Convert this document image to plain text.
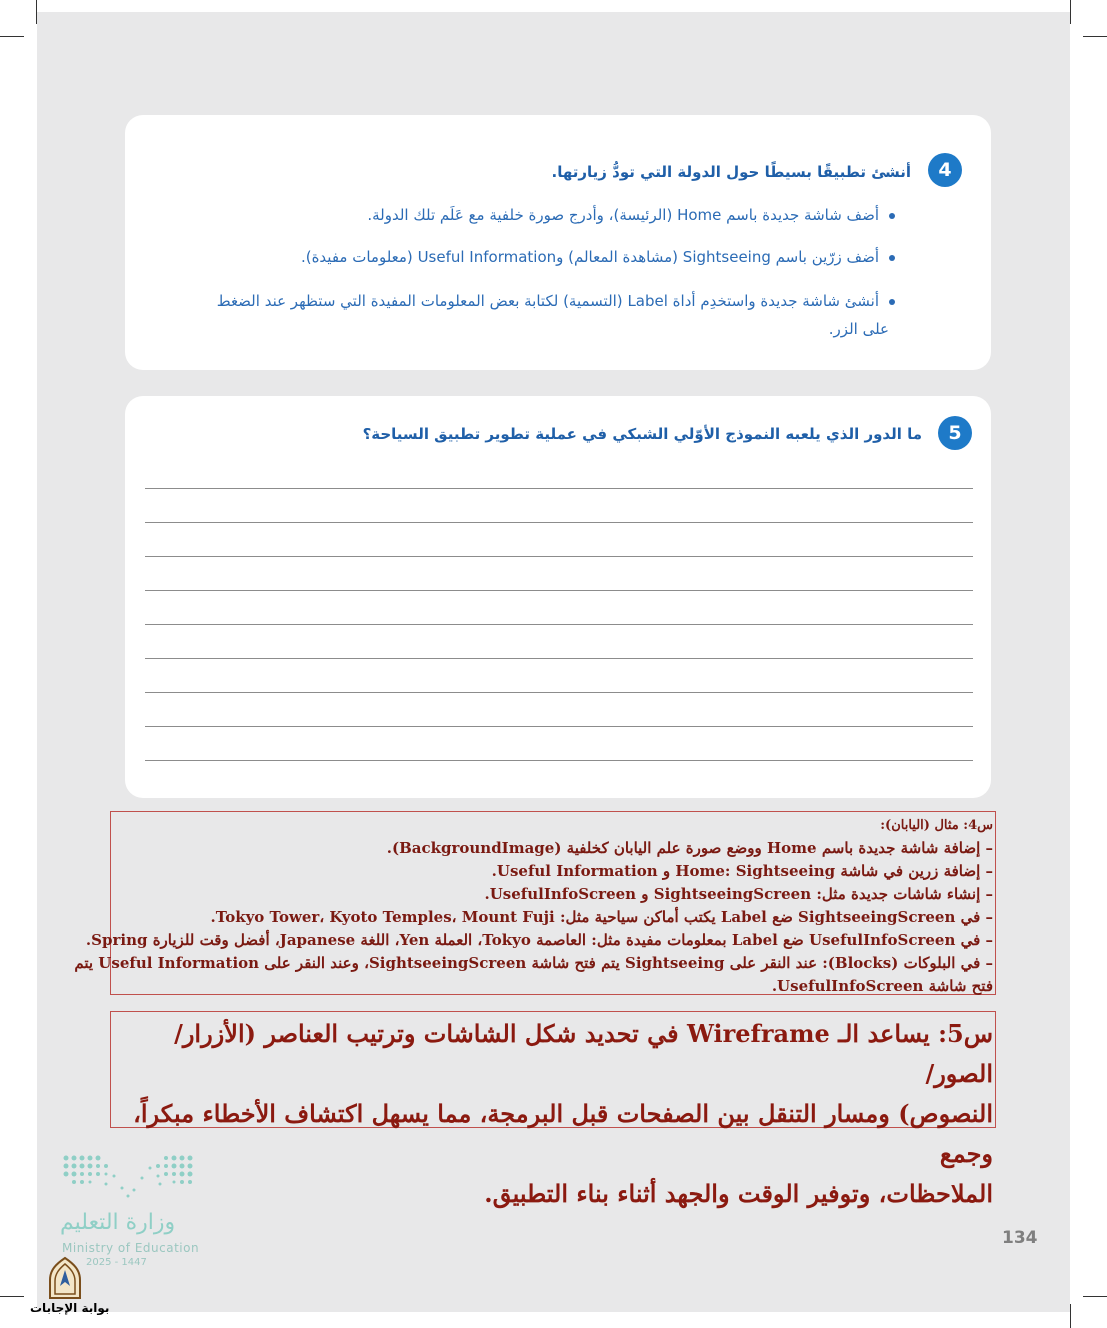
4
أنشئ تطبيقًا بسيطًا حول الدولة التي تودُّ زيارتها.
أضف شاشة جديدة باسم Home (الرئيسة)، وأدرج صورة خلفية مع عَلَم تلك الدولة.
أضف زرّين باسم Sightseeing (مشاهدة المعالم) وUseful Information (معلومات مفيدة).
أنشئ شاشة جديدة واستخدِم أداة Label (التسمية) لكتابة بعض المعلومات المفيدة التي ستظهر عند الضغط
على الزر.
5
ما الدور الذي يلعبه النموذج الأوّلي الشبكي في عملية تطوير تطبيق السياحة؟
س4: مثال (اليابان):
– إضافة شاشة جديدة باسم Home ووضع صورة علم اليابان كخلفية (BackgroundImage).
– إضافة زرين في شاشة Home: Sightseeing و Useful Information.
– إنشاء شاشات جديدة مثل: SightseeingScreen و UsefulInfoScreen.
– في SightseeingScreen ضع Label يكتب أماكن سياحية مثل: Tokyo Tower، Kyoto Temples، Mount Fuji.
– في UsefulInfoScreen ضع Label بمعلومات مفيدة مثل: العاصمة Tokyo، العملة Yen، اللغة Japanese، أفضل وقت للزيارة Spring.
– في البلوكات (Blocks): عند النقر على Sightseeing يتم فتح شاشة SightseeingScreen، وعند النقر على Useful Information يتم
فتح شاشة UsefulInfoScreen.
س5: يساعد الـ Wireframe في تحديد شكل الشاشات وترتيب العناصر (الأزرار/الصور/
النصوص) ومسار التنقل بين الصفحات قبل البرمجة، مما يسهل اكتشاف الأخطاء مبكراً، وجمع
الملاحظات، وتوفير الوقت والجهد أثناء بناء التطبيق.
وزارة التعليم
Ministry of Education
2025 - 1447
بوابة الإجابات
134
